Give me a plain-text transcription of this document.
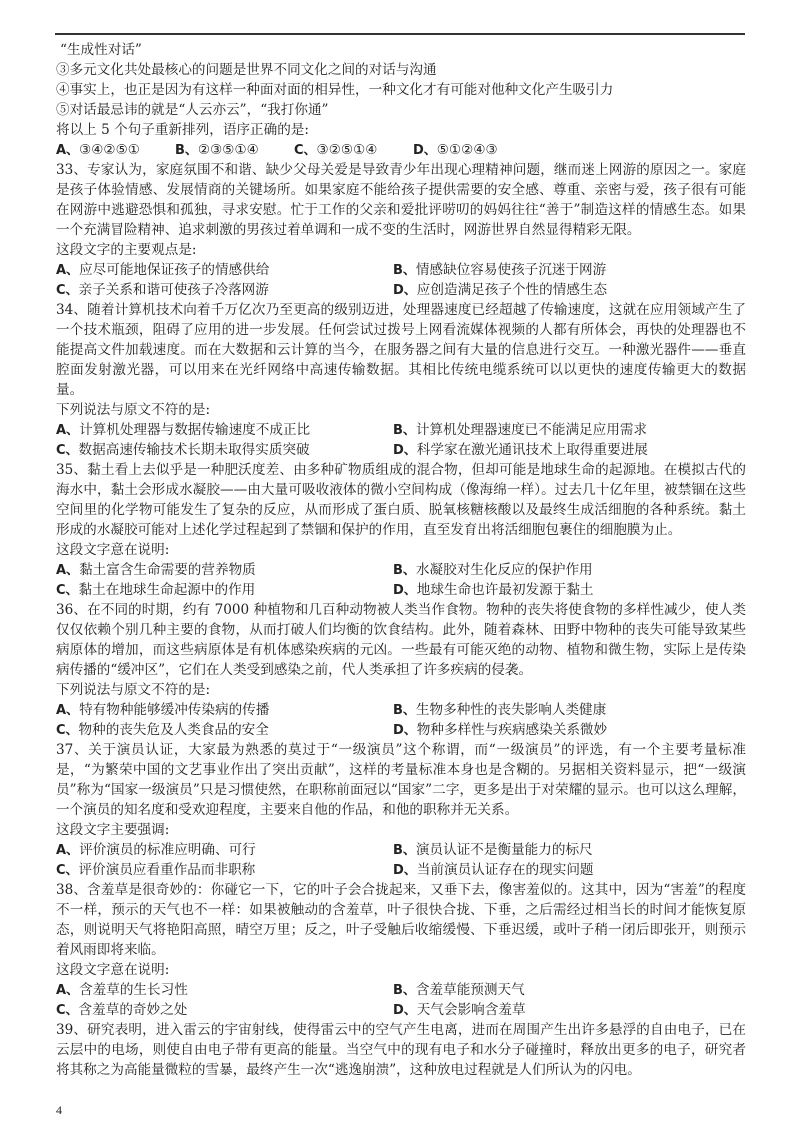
“生成性对话”
③多元文化共处最核心的问题是世界不同文化之间的对话与沟通
④事实上，也正是因为有这样一种面对面的相异性，一种文化才有可能对他种文化产生吸引力
⑤对话最忌讳的就是“人云亦云”，“我打你通”
将以上 5 个句子重新排列，语序正确的是:
A、③④②⑤①	B、②③⑤①④	C、③②⑤①④	D、⑤①②④③
33、专家认为，家庭氛围不和谐、缺少父母关爱是导致青少年出现心理精神问题，继而迷上网游的原因之一。家庭是孩子体验情感、发展情商的关键场所。如果家庭不能给孩子提供需要的安全感、尊重、亲密与爱，孩子很有可能在网游中逃避恐惧和孤独，寻求安慰。忙于工作的父亲和爱批评唠叨的妈妈往往“善于”制造这样的情感生态。如果一个充满冒险精神、追求刺激的男孩过着单调和一成不变的生活时，网游世界自然显得精彩无限。
这段文字的主要观点是:
A、应尽可能地保证孩子的情感供给	B、情感缺位容易使孩子沉迷于网游
C、亲子关系和谐可使孩子冷落网游	D、应创造满足孩子个性的情感生态
34、随着计算机技术向着千万亿次乃至更高的级别迈进，处理器速度已经超越了传输速度，这就在应用领域产生了一个技术瓶颈，阻碍了应用的进一步发展。任何尝试过拨号上网看流媒体视频的人都有所体会，再快的处理器也不能提高文件加载速度。而在大数据和云计算的当今，在服务器之间有大量的信息进行交互。一种激光器件——垂直腔面发射激光器，可以用来在光纤网络中高速传输数据。其相比传统电缆系统可以以更快的速度传输更大的数据量。
下列说法与原文不符的是:
A、计算机处理器与数据传输速度不成正比	B、计算机处理器速度已不能满足应用需求
C、数据高速传输技术长期未取得实质突破	D、科学家在激光通讯技术上取得重要进展
35、黏土看上去似乎是一种肥沃度差、由多种矿物质组成的混合物，但却可能是地球生命的起源地。在模拟古代的海水中，黏土会形成水凝胶——由大量可吸收液体的微小空间构成（像海绵一样）。过去几十亿年里，被禁锢在这些空间里的化学物可能发生了复杂的反应，从而形成了蛋白质、脱氧核糖核酸以及最终生成活细胞的各种系统。黏土形成的水凝胶可能对上述化学过程起到了禁锢和保护的作用，直至发育出将活细胞包裹住的细胞膜为止。
这段文字意在说明:
A、黏土富含生命需要的营养物质	B、水凝胶对生化反应的保护作用
C、黏土在地球生命起源中的作用	D、地球生命也许最初发源于黏土
36、在不同的时期，约有 7000 种植物和几百种动物被人类当作食物。物种的丧失将使食物的多样性减少，使人类仅仅依赖个别几种主要的食物，从而打破人们均衡的饮食结构。此外，随着森林、田野中物种的丧失可能导致某些病原体的增加，而这些病原体是有机体感染疾病的元凶。一些最有可能灭绝的动物、植物和微生物，实际上是传染病传播的“缓冲区”，它们在人类受到感染之前，代人类承担了许多疾病的侵袭。
下列说法与原文不符的是:
A、特有物种能够缓冲传染病的传播	B、生物多种性的丧失影响人类健康
C、物种的丧失危及人类食品的安全	D、物种多样性与疾病感染关系微妙
37、关于演员认证，大家最为熟悉的莫过于“一级演员”这个称谓，而“一级演员”的评选，有一个主要考量标准是，“为繁荣中国的文艺事业作出了突出贡献”，这样的考量标准本身也是含糊的。另据相关资料显示，把“一级演员”称为“国家一级演员”只是习惯使然，在职称前面冠以“国家”二字，更多是出于对荣耀的显示。也可以这么理解，一个演员的知名度和受欢迎程度，主要来自他的作品，和他的职称并无关系。
这段文字主要强调:
A、评价演员的标准应明确、可行	B、演员认证不是衡量能力的标尺
C、评价演员应看重作品而非职称	D、当前演员认证存在的现实问题
38、含羞草是很奇妙的：你碰它一下，它的叶子会合拢起来，又垂下去，像害羞似的。这其中，因为“害羞”的程度不一样，预示的天气也不一样：如果被触动的含羞草，叶子很快合拢、下垂，之后需经过相当长的时间才能恢复原态，则说明天气将艳阳高照，晴空万里；反之，叶子受触后收缩缓慢、下垂迟缓，或叶子稍一闭后即张开，则预示着风雨即将来临。
这段文字意在说明:
A、含羞草的生长习性	B、含羞草能预测天气
C、含羞草的奇妙之处	D、天气会影响含羞草
39、研究表明，进入雷云的宇宙射线，使得雷云中的空气产生电离，进而在周围产生出许多悬浮的自由电子，已在云层中的电场，则使自由电子带有更高的能量。当空气中的现有电子和水分子碰撞时，释放出更多的电子，研究者将其称之为高能量微粒的雪暴，最终产生一次“逃逸崩溃”，这种放电过程就是人们所认为的闪电。
4
